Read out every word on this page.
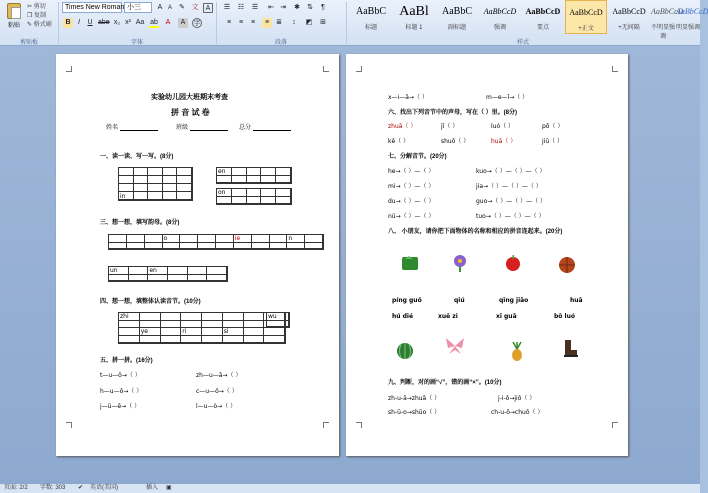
粘贴
✂ 剪切
❐ 复制
✎ 格式刷
剪贴板
Times New Roman 小三	A A	✎ 文	A
B	I	U abe x₂ x² Aa ab	A	A	字
字体
☰ ☷ ☰ ⇤ ⇥ ✱ ⇅	¶
≡	≡	≡	≡	≣	↕	◩ ⊞
段落
AaBbC
标题
AaBl
标题 1
AaBbC
副标题
AaBbCcD
强调
AaBbCcD
要点
AaBbCcD
+正文
AaBbCcD
+无间隔
AaBbCcD
不明显强调
AaBbCcD
明显强调
样式
实验幼儿园大班期末考查
拼 音 试 卷
姓名	班级	总分
一、读一读、写一写。(8分)
en
in
on
三、想一想，填写韵母。(8分)
o	ie	n
un	en
四、想一想，填整体认读音节。(10分)
zhi
ye	ri	si
wu
五、拼一拼。(16分)
t—u—ǒ→（ ）	zh—u—ā→（ ）
h—u—ǒ→（ ）	c—u—ǒ→（ ）
j—ü—ē→（ ）	l—u—ò→（ ）
x—i—ā→（ ）	m—e—ǐ→（ ）
六、找出下列音节中的声母，写在（ ）里。(8分)
zhuā（ ）	jǐ（ ）	luó（ ）	pō（ ）
kē（ ）	shuō（ ）	huā（ ）	jiū（ ）
七、分解音节。(20分)
he→（ ）—（ ）	kuo→（ ）—（ ）—（ ）
mi→（ ）—（ ）	jia→（ ）—（ ）—（ ）
du→（ ）—（ ）	guo→（ ）—（ ）—（ ）
nü→（ ）—（ ）	tuo→（ ）—（ ）—（ ）
八、 小朋友，请你把下面物体的名称和相应的拼音连起来。(20分)
píng guǒ	qiú	qīng jiāo	huā
hú dié	xuě zi	xī guā	bō luó
九、判断，对的画“√”，错的画“×”。(10分)
zh-u-ā→zhuā（ ）	j-i-ǒ→jiǒ（ ）
sh-ū-o→shūo（ ）	ch-u-ō→chuō（ ）
页面: 2/2 字数: 303 ✔ 英语(美国)	插入 ▣
